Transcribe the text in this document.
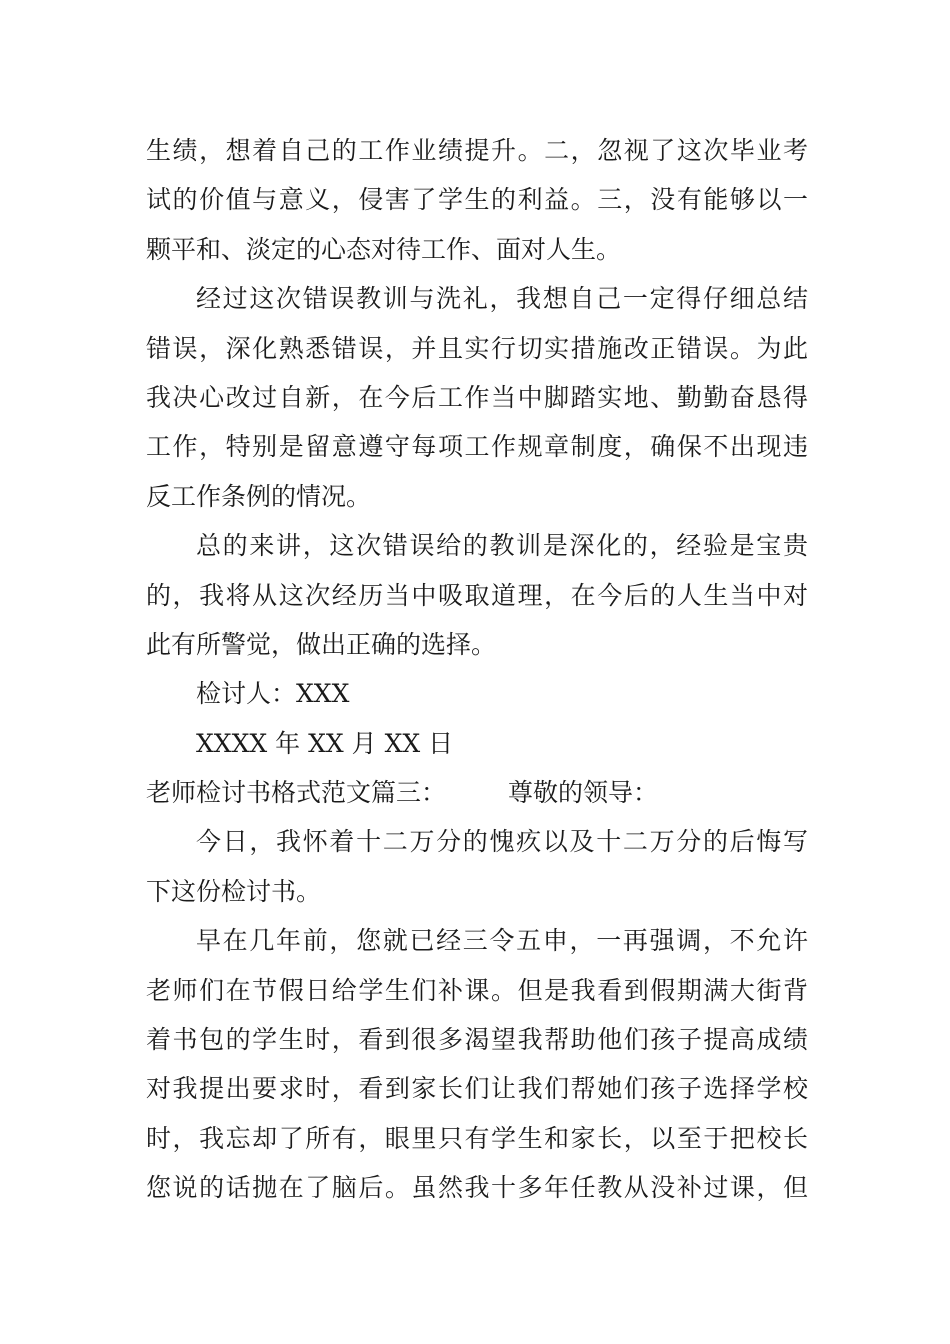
生绩，想着自己的工作业绩提升。二，忽视了这次毕业考
试的价值与意义，侵害了学生的利益。三，没有能够以一
颗平和、淡定的心态对待工作、面对人生。
经过这次错误教训与洗礼，我想自己一定得仔细总结
错误，深化熟悉错误，并且实行切实措施改正错误。为此
我决心改过自新，在今后工作当中脚踏实地、勤勤奋恳得
工作，特别是留意遵守每项工作规章制度，确保不出现违
反工作条例的情况。
总的来讲，这次错误给的教训是深化的，经验是宝贵
的，我将从这次经历当中吸取道理，在今后的人生当中对
此有所警觉，做出正确的选择。
检讨人：XXX
XXXX 年 XX 月 XX 日
老师检讨书格式范文篇三： 尊敬的领导：
今日，我怀着十二万分的愧疚以及十二万分的后悔写
下这份检讨书。
早在几年前，您就已经三令五申，一再强调，不允许
老师们在节假日给学生们补课。但是我看到假期满大街背
着书包的学生时，看到很多渴望我帮助他们孩子提高成绩
对我提出要求时，看到家长们让我们帮她们孩子选择学校
时，我忘却了所有，眼里只有学生和家长，以至于把校长
您说的话抛在了脑后。虽然我十多年任教从没补过课，但
